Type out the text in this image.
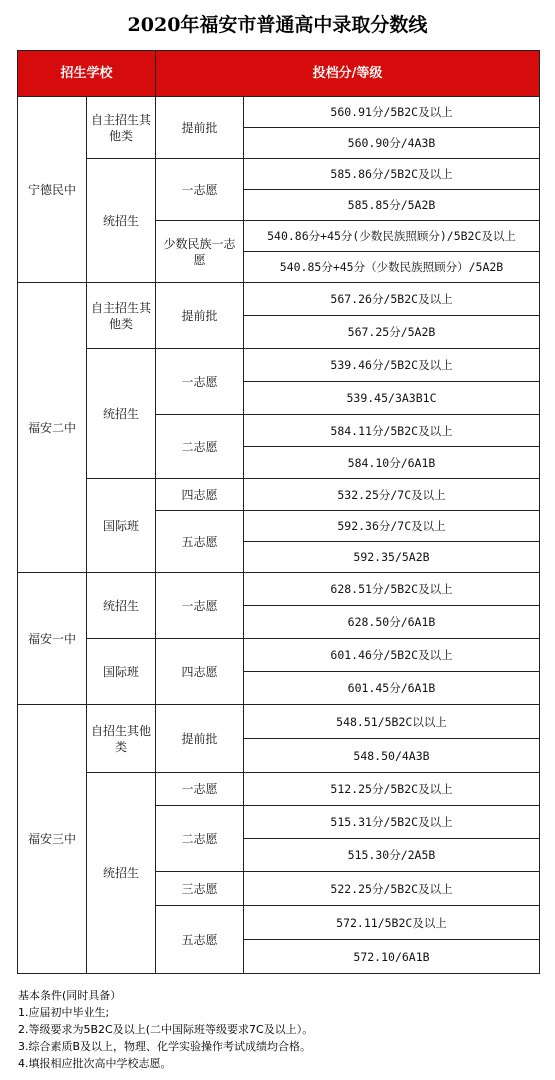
2020年福安市普通高中录取分数线
招生学校		投档分/等级	
宁德民中	自主招生其他类	提前批	560.91分/5B2C及以上
			560.90分/4A3B
	统招生	一志愿	585.86分/5B2C及以上
			585.85分/5A2B
		少数民族一志愿	540.86分+45分(少数民族照顾分)/5B2C及以上
			540.85分+45分（少数民族照顾分）/5A2B
福安二中	自主招生其他类	提前批	567.26分/5B2C及以上
			567.25分/5A2B
	统招生	一志愿	539.46分/5B2C及以上
			539.45/3A3B1C
		二志愿	584.11分/5B2C及以上
			584.10分/6A1B
	国际班	四志愿	532.25分/7C及以上
		五志愿	592.36分/7C及以上
			592.35/5A2B
福安一中	统招生	一志愿	628.51分/5B2C及以上
			628.50分/6A1B
	国际班	四志愿	601.46分/5B2C及以上
			601.45分/6A1B
福安三中	自招生其他类	提前批	548.51/5B2C以以上
			548.50/4A3B
	统招生	一志愿	512.25分/5B2C及以上
		二志愿	515.31分/5B2C及以上
			515.30分/2A5B
		三志愿	522.25分/5B2C及以上
		五志愿	572.11/5B2C及以上
			572.10/6A1B
基本条件(同时具备）
1.应届初中毕业生;
2.等级要求为5B2C及以上(二中国际班等级要求7C及以上）。
3.综合素质B及以上，物理、化学实验操作考试成绩均合格。
4.填报相应批次高中学校志愿。
